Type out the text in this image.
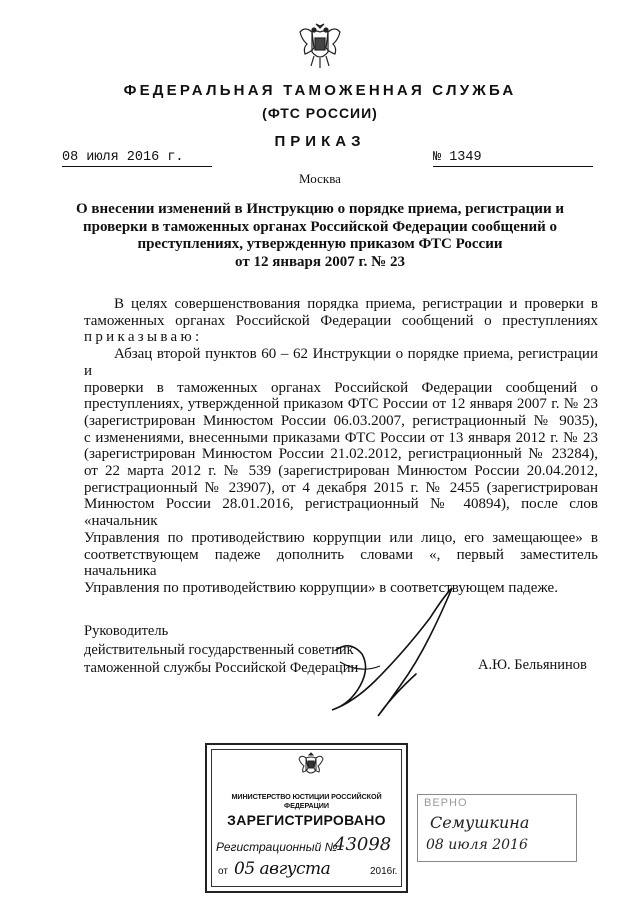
ФЕДЕРАЛЬНАЯ ТАМОЖЕННАЯ СЛУЖБА
(ФТС РОССИИ)
ПРИКАЗ
08 июля 2016 г.	№ 1349
Москва
О внесении изменений в Инструкцию о порядке приема, регистрации и
проверки в таможенных органах Российской Федерации сообщений о
преступлениях, утвержденную приказом ФТС России
от 12 января 2007 г. № 23
В целях совершенствования порядка приема, регистрации и проверки в
таможенных органах Российской Федерации сообщений о преступлениях
приказываю:
Абзац второй пунктов 60 – 62 Инструкции о порядке приема, регистрации и
проверки в таможенных органах Российской Федерации сообщений о
преступлениях, утвержденной приказом ФТС России от 12 января 2007 г. № 23
(зарегистрирован Минюстом России 06.03.2007, регистрационный № 9035),
с изменениями, внесенными приказами ФТС России от 13 января 2012 г. № 23
(зарегистрирован Минюстом России 21.02.2012, регистрационный № 23284),
от 22 марта 2012 г. № 539 (зарегистрирован Минюстом России 20.04.2012,
регистрационный № 23907), от 4 декабря 2015 г. № 2455 (зарегистрирован
Минюстом России 28.01.2016, регистрационный № 40894), после слов «начальник
Управления по противодействию коррупции или лицо, его замещающее» в
соответствующем падеже дополнить словами «, первый заместитель начальника
Управления по противодействию коррупции» в соответствующем падеже.
Руководитель
действительный государственный советник
таможенной службы Российской Федерации	А.Ю. Бельянинов
МИНИСТЕРСТВО ЮСТИЦИИ РОССИЙСКОЙ ФЕДЕРАЦИИ
ЗАРЕГИСТРИРОВАНО
Регистрационный №
43098
от 05 августа	2016г.
ВЕРНО
Семушкина
08 июля 2016
